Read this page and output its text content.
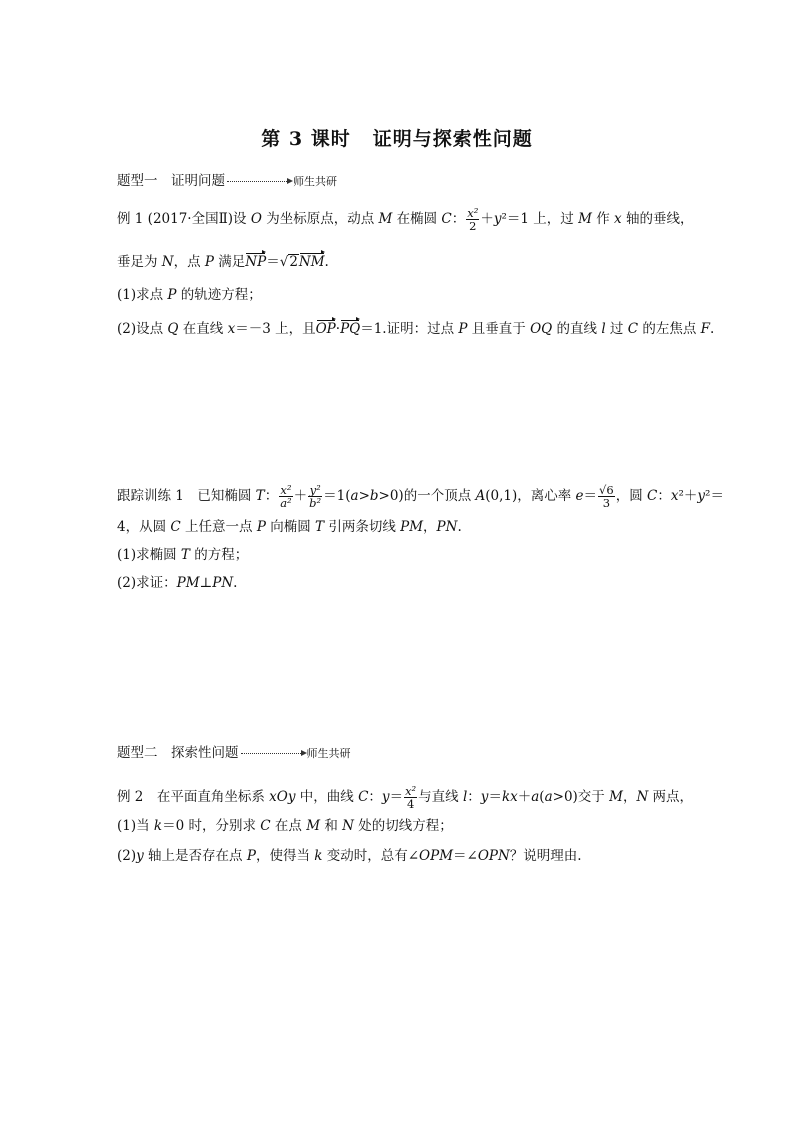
第 3 课时 证明与探索性问题
题型一　证明问题	师生共研
例 1 (2017·全国Ⅱ)设 O 为坐标原点，动点 M 在椭圆 C： $\frac{\text{x²}}{2} +y^2=1$ 上，过 M 作 x 轴的垂线，
垂足为 N，点 P 满足NP＝√2NM.
(1)求点 P 的轨迹方程；
(2)设点 Q 在直线 x＝－3 上，且OP·PQ＝1.证明：过点 P 且垂直于 OQ 的直线 l 过 C 的左焦点 F.
跟踪训练 1　已知椭圆 T： $\frac{\text{x²}}{\text{a²}} + \frac{\text{y²}}{\text{b²}} =1(a>b>0)$的一个顶点 A(0,1)，离心率 $e= \frac{√6}{3}$ ，圆 C：x²＋y²＝
4，从圆 C 上任意一点 P 向椭圆 T 引两条切线 PM，PN.
(1)求椭圆 T 的方程；
(2)求证：PM⊥PN.
题型二　探索性问题	师生共研
例 2　在平面直角坐标系 xOy 中，曲线 C：$y= \frac{\text{x²}}{4}$ 与直线 l：y＝kx＋a(a>0)交于 M，N 两点，
(1)当 k＝0 时，分别求 C 在点 M 和 N 处的切线方程；
(2)y 轴上是否存在点 P，使得当 k 变动时，总有∠OPM＝∠OPN？说明理由.
